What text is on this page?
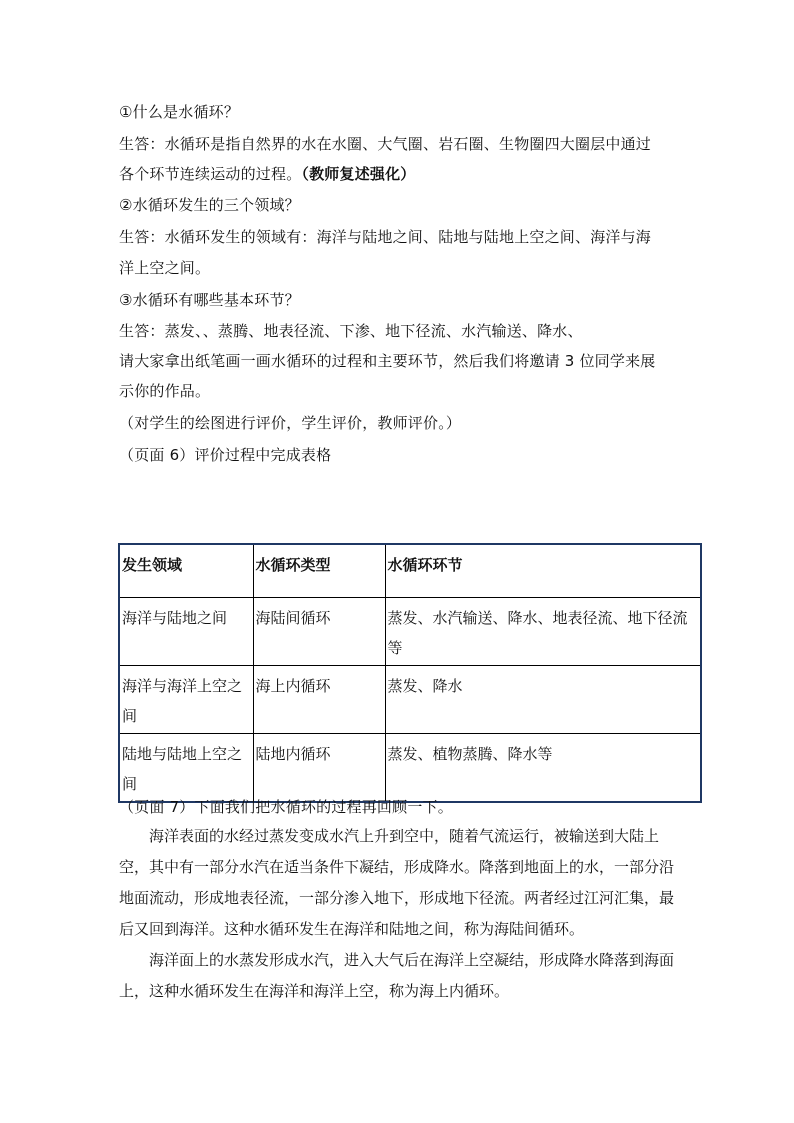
①什么是水循环？
生答：水循环是指自然界的水在水圈、大气圈、岩石圈、生物圈四大圈层中通过
各个环节连续运动的过程。（教师复述强化）
②水循环发生的三个领域？
生答：水循环发生的领域有：海洋与陆地之间、陆地与陆地上空之间、海洋与海
洋上空之间。
③水循环有哪些基本环节？
生答：蒸发、、蒸腾、地表径流、下渗、地下径流、水汽输送、降水、
请大家拿出纸笔画一画水循环的过程和主要环节，然后我们将邀请 3 位同学来展
示你的作品。
（对学生的绘图进行评价，学生评价，教师评价。）
（页面 6）评价过程中完成表格
发生领域	水循环类型	水循环环节
海洋与陆地之间	海陆间循环	蒸发、水汽输送、降水、地表径流、地下径流等
海洋与海洋上空之间	海上内循环	蒸发、降水
陆地与陆地上空之间	陆地内循环	蒸发、植物蒸腾、降水等
（页面 7）下面我们把水循环的过程再回顾一下。
海洋表面的水经过蒸发变成水汽上升到空中，随着气流运行，被输送到大陆上空，其中有一部分水汽在适当条件下凝结，形成降水。降落到地面上的水，一部分沿地面流动，形成地表径流，一部分渗入地下，形成地下径流。两者经过江河汇集，最后又回到海洋。这种水循环发生在海洋和陆地之间，称为海陆间循环。
海洋面上的水蒸发形成水汽，进入大气后在海洋上空凝结，形成降水降落到海面上，这种水循环发生在海洋和海洋上空，称为海上内循环。
